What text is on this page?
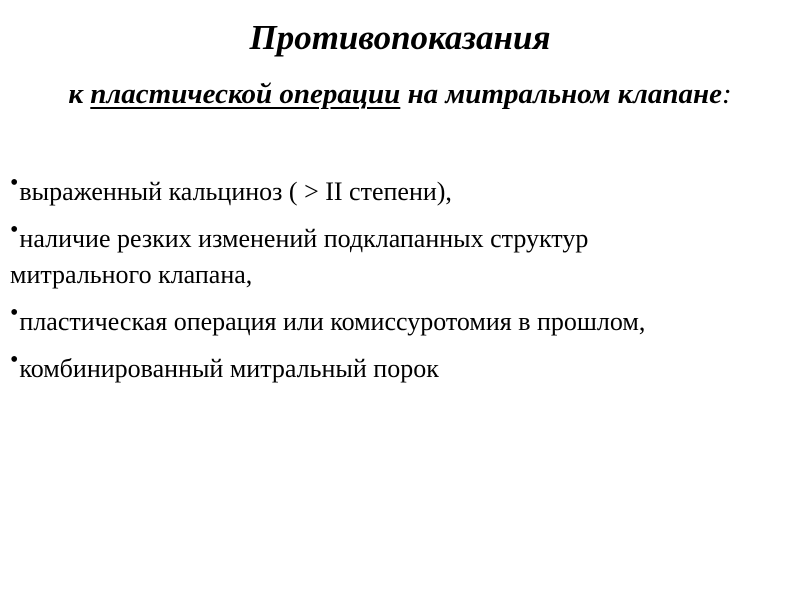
Противопоказания
к пластической операции на митральном клапане:
•выраженный кальциноз ( > II степени),
•наличие резких изменений подклапанных структур
митрального клапана,
•пластическая операция или комиссуротомия в прошлом,
•комбинированный митральный порок
